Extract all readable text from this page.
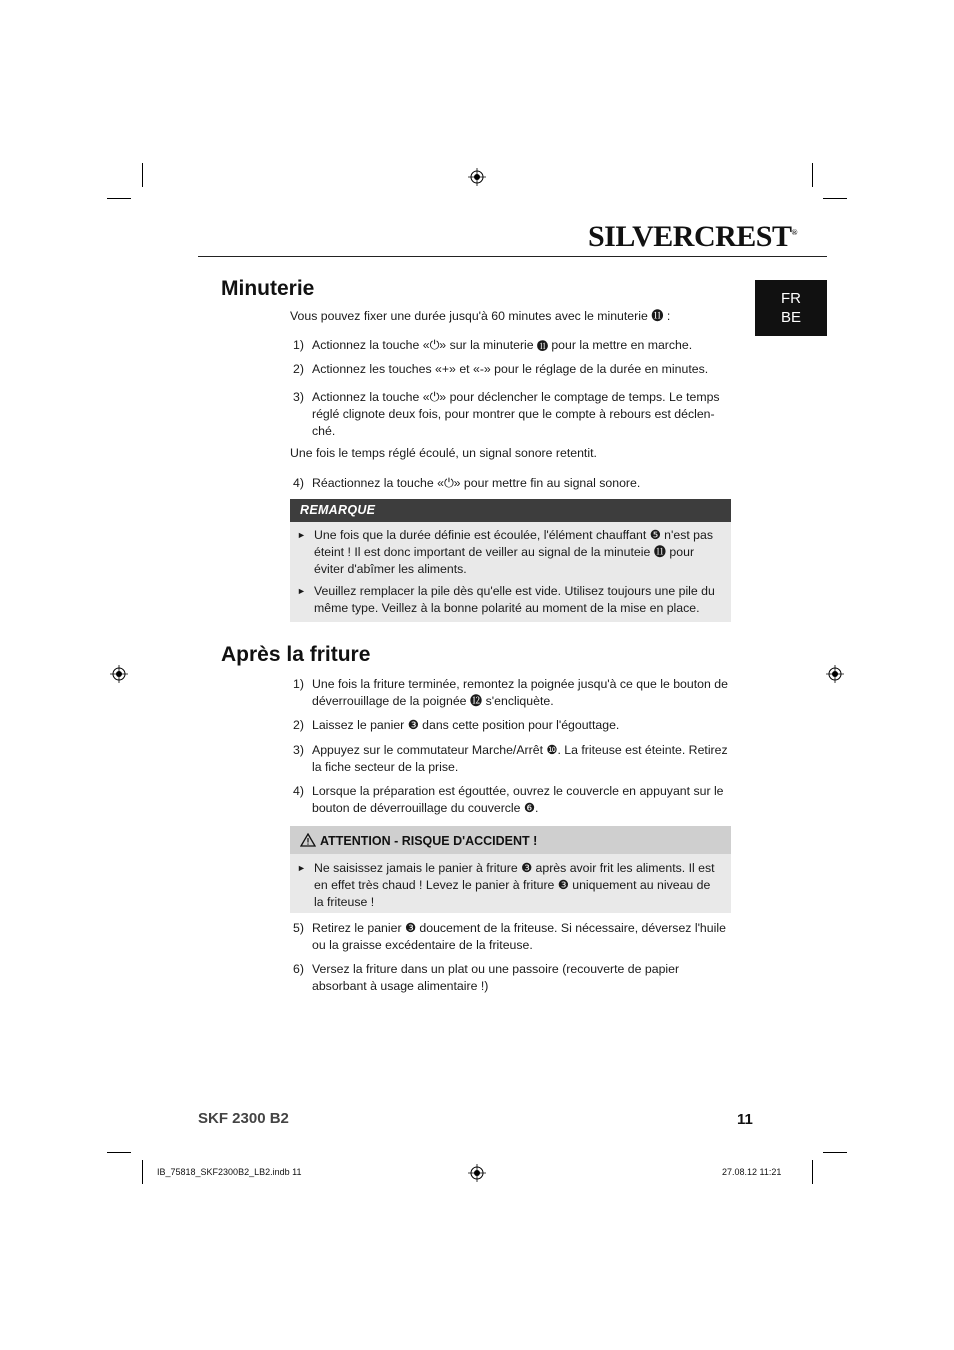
SILVERCREST®
FR
BE
Minuterie
Vous pouvez fixer une durée jusqu'à 60 minutes avec le minuterie ⓫ :
1) Actionnez la touche «⏻» sur la minuterie ⓫ pour la mettre en marche.
2) Actionnez les touches «+» et «-» pour le réglage de la durée en minutes.
3) Actionnez la touche «⏻» pour déclencher le comptage de temps. Le temps réglé clignote deux fois, pour montrer que le compte à rebours est déclen-ché.
Une fois le temps réglé écoulé, un signal sonore retentit.
4) Réactionnez la touche «⏻» pour mettre fin au signal sonore.
REMARQUE
► Une fois que la durée définie est écoulée, l'élément chauffant ❺ n'est pas éteint ! Il est donc important de veiller au signal de la minuteie ⓫ pour éviter d'abîmer les aliments.
► Veuillez remplacer la pile dès qu'elle est vide. Utilisez toujours une pile du même type. Veillez à la bonne polarité au moment de la mise en place.
Après la friture
1) Une fois la friture terminée, remontez la poignée jusqu'à ce que le bouton de déverrouillage de la poignée ⓬ s'encliquète.
2) Laissez le panier ❸ dans cette position pour l'égouttage.
3) Appuyez sur le commutateur Marche/Arrêt ❿. La friteuse est éteinte. Retirez la fiche secteur de la prise.
4) Lorsque la préparation est égouttée, ouvrez le couvercle en appuyant sur le bouton de déverrouillage du couvercle ❻.
ATTENTION - RISQUE D'ACCIDENT !
► Ne saisissez jamais le panier à friture ❸ après avoir frit les aliments. Il est en effet très chaud ! Levez le panier à friture ❸ uniquement au niveau de la friteuse !
5) Retirez le panier ❸ doucement de la friteuse. Si nécessaire, déversez l'huile ou la graisse excédentaire de la friteuse.
6) Versez la friture dans un plat ou une passoire (recouverte de papier absorbant à usage alimentaire !)
SKF 2300 B2	11
IB_75818_SKF2300B2_LB2.indb 11	27.08.12 11:21
